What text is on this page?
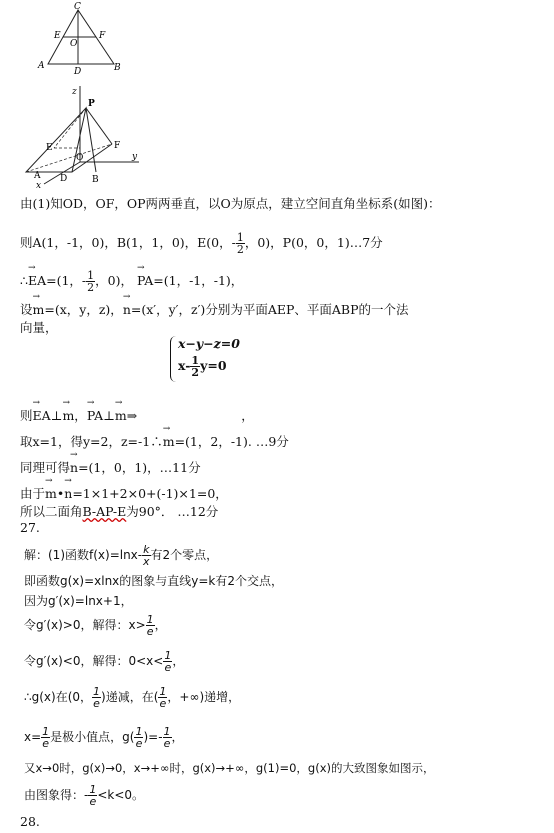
C
E	F
O
A
D	B
z
P
E	F
O	y
A D	B
x
由(1)知OD，OF，OP两两垂直，以O为原点，建立空间直角坐标系(如图)：
则A(1，-1，0)，B(1，1，0)，E(0，- $\frac{1}{2}$ ，0)，P(0，0，1)…7分
∴→ EA=(1，- $\frac{1}{2}$ ，0)， → PA=(1，-1，-1)，
设→ m=(x，y，z)，→ n=(x′，y′，z′)分别为平面AEP、平面ABP的一个法
向量，
x−y−z=0
$x- \frac{1}{2} y=0$
则→ EA⊥→ m，→ PA⊥→ m⇒	，
取x=1，得y=2，z=-1∴→ m=(1，2，-1). …9分
同理可得→ n=(1，0，1)，…11分
由于→ m•→ n=1×1+2×0+(-1)×1=0，
所以二面角B-AP-E为90°． …12分
27.
解：(1)函数$f(x)=\ln x- \frac{k}{x}$ 有2个零点，
即函数g(x)=xlnx的图象与直线y=k有2个交点，
因为g′(x)=lnx+1，
令g′(x)>0，解得：$x> \frac{1}{e}$ ，
令g′(x)<0，解得：$0<x< \frac{1}{e}$ ，
∴g(x)在(0， $\frac{1}{e}$ )递减，在( $\frac{1}{e}$ ，+∞)递增，
$x= \frac{1}{e}$ 是极小值点，$g( \frac{1}{e}$ )=- $\frac{1}{e}$ ，
又x→0时，g(x)→0，x→+∞时，g(x)→+∞，g(1)=0，g(x)的大致图象如图示，
由图象得：- $\frac{1}{e} <k<0$。
28.
